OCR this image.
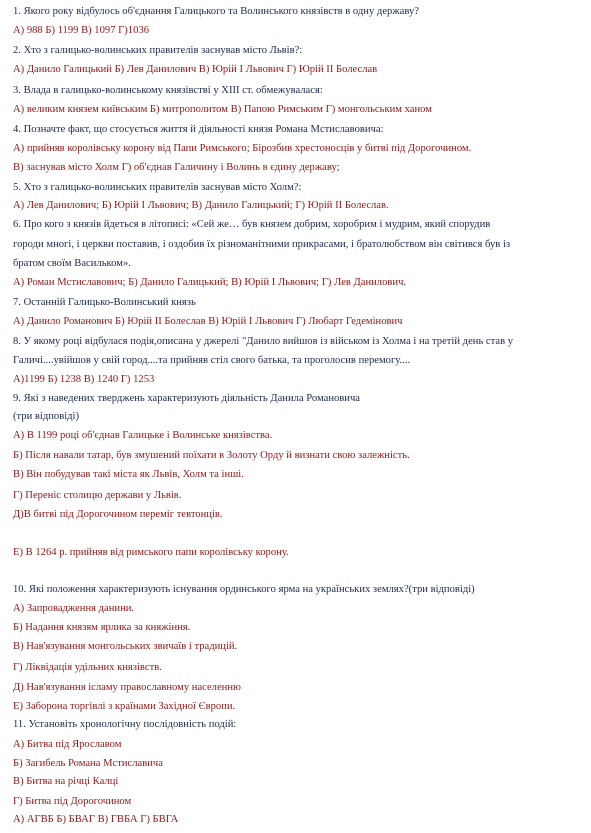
1. Якого року відбулось об'єднання Галицького та Волинського князівств в одну державу?
А) 988 Б) 1199 В) 1097 Г)1036
2. Хто з галицько-волинських правителів заснував місто Львів?:
А) Данило Галицький Б) Лев Данилович В) Юрій І Львович Г) Юрій ІІ Болеслав
3. Влада в галицько-волинському князівстві у ХІІІ ст. обмежувалася:
А) великим князем київським Б) митрополитом В) Папою Римським Г) монгольським ханом
4. Позначте факт, що стосується життя й діяльності князя Романа Мстиславовича:
А) прийняв королівську корону від Папи Римського; Бірозбив хрестоносців у битві під Дорогочином.
В) заснував місто Холм Г) об'єднав Галичину і Волинь в єдину державу;
5. Хто з галицько-волинських правителів заснував місто Холм?:
А) Лев Данилович; Б) Юрій І Львович; В) Данило Галицький; Г) Юрій ІІ Болеслав.
6. Про кого з князів йдеться в літописі: «Сей же… був князем добрим, хоробрим і мудрим, який спорудив
городи многі, і церкви поставив, і оздобив їх різноманітними прикрасами, і братолюбством він світився був із
братом своїм Васильком».
А) Роман Мстиславович; Б) Данило Галицький; В) Юрій І Львович; Г) Лев Данилович.
7. Останній Галицько-Волинський князь
А) Данило Романович Б) Юрій ІІ Болеслав В) Юрій І Львович Г) Любарт Гедемінович
8. У якому році відбулася подія,описана у джерелі "Данило вийшов із військом із Холма і на третій день став у
Галичі....увійшов у свій город....та прийняв стіл свого батька, та проголосив перемогу....
А)1199 Б) 1238 В) 1240 Г) 1253
9. Які з наведених тверджень характеризують діяльність Данила Романовича
(три відповіді)
А) В 1199 році об'єднав Галицьке і Волинське князівства.
Б) Після навали татар, був змушений поїхати в Золоту Орду й визнати свою залежність.
В) Він побудував такі міста як Львів, Холм та інші.
Г) Переніс столицю держави у Львів.
Д)В битві під Дорогочином переміг тевтонців.
Е) В 1264 р. прийняв від римського папи королівську корону.
10. Які положення характеризують існування ординського ярма на українських землях?(три відповіді)
А) Запровадження данини.
Б) Надання князям ярлика за княжіння.
В) Нав'язування монгольських звичаїв і традицій.
Г) Ліквідація удільних князівств.
Д) Нав'язування ісламу православному населенню
Е) Заборона торгівлі з країнами Західної Європи.
11. Установіть хронологічну послідовність подій:
А) Битва під Ярославом
Б) Загибель Романа Мстиславича
В) Битва на річці Калці
Г) Битва під Дорогочином
А) АГВБ Б) БВАГ В) ГВБА Г) БВГА
